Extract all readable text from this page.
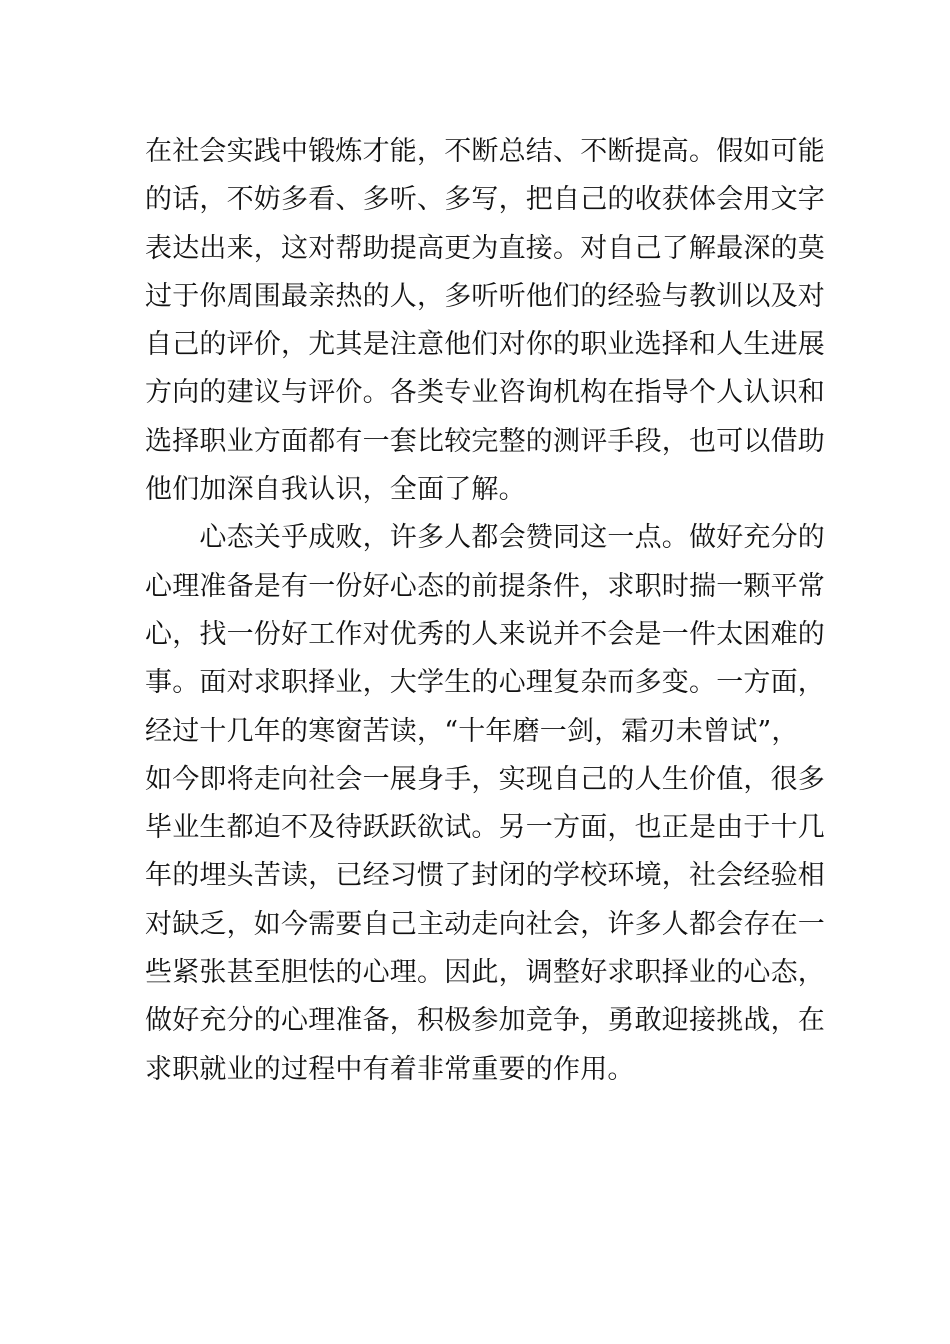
在社会实践中锻炼才能，不断总结、不断提高。假如可能
的话，不妨多看、多听、多写，把自己的收获体会用文字
表达出来，这对帮助提高更为直接。对自己了解最深的莫
过于你周围最亲热的人，多听听他们的经验与教训以及对
自己的评价，尤其是注意他们对你的职业选择和人生进展
方向的建议与评价。各类专业咨询机构在指导个人认识和
选择职业方面都有一套比较完整的测评手段，也可以借助
他们加深自我认识，全面了解。
　　心态关乎成败，许多人都会赞同这一点。做好充分的
心理准备是有一份好心态的前提条件，求职时揣一颗平常
心，找一份好工作对优秀的人来说并不会是一件太困难的
事。面对求职择业，大学生的心理复杂而多变。一方面，
经过十几年的寒窗苦读，“十年磨一剑，霜刃未曾试”，
如今即将走向社会一展身手，实现自己的人生价值，很多
毕业生都迫不及待跃跃欲试。另一方面，也正是由于十几
年的埋头苦读，已经习惯了封闭的学校环境，社会经验相
对缺乏，如今需要自己主动走向社会，许多人都会存在一
些紧张甚至胆怯的心理。因此，调整好求职择业的心态，
做好充分的心理准备，积极参加竞争，勇敢迎接挑战，在
求职就业的过程中有着非常重要的作用。
